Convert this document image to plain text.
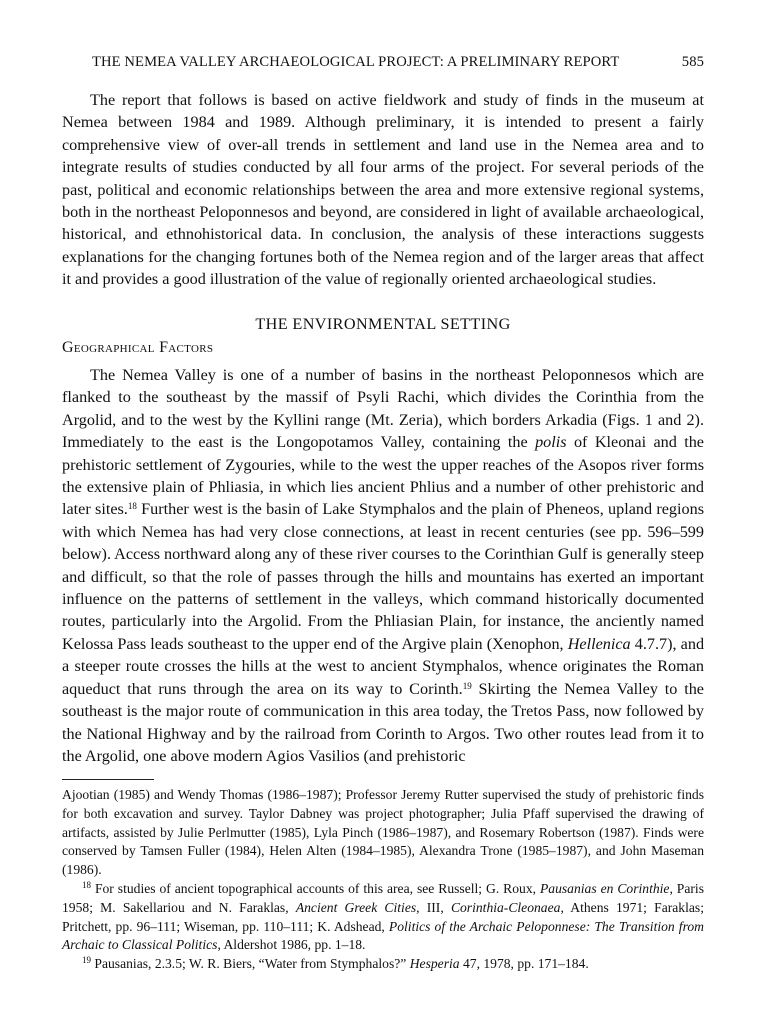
THE NEMEA VALLEY ARCHAEOLOGICAL PROJECT: A PRELIMINARY REPORT	585

The report that follows is based on active fieldwork and study of finds in the museum at Nemea between 1984 and 1989. Although preliminary, it is intended to present a fairly comprehensive view of over-all trends in settlement and land use in the Nemea area and to integrate results of studies conducted by all four arms of the project. For several periods of the past, political and economic relationships between the area and more extensive regional systems, both in the northeast Peloponnesos and beyond, are considered in light of available archaeological, historical, and ethnohistorical data. In conclusion, the analysis of these interactions suggests explanations for the changing fortunes both of the Nemea region and of the larger areas that affect it and provides a good illustration of the value of regionally oriented archaeological studies.

THE ENVIRONMENTAL SETTING
Geographical Factors

The Nemea Valley is one of a number of basins in the northeast Peloponnesos which are flanked to the southeast by the massif of Psyli Rachi, which divides the Corinthia from the Argolid, and to the west by the Kyllini range (Mt. Zeria), which borders Arkadia (Figs. 1 and 2). Immediately to the east is the Longopotamos Valley, containing the polis of Kleonai and the prehistoric settlement of Zygouries, while to the west the upper reaches of the Asopos river forms the extensive plain of Phliasia, in which lies ancient Phlius and a number of other prehistoric and later sites.$^{18}$ Further west is the basin of Lake Stymphalos and the plain of Pheneos, upland regions with which Nemea has had very close connections, at least in recent centuries (see pp. 596–599 below). Access northward along any of these river courses to the Corinthian Gulf is generally steep and difficult, so that the role of passes through the hills and mountains has exerted an important influence on the patterns of settlement in the valleys, which command historically documented routes, particularly into the Argolid. From the Phliasian Plain, for instance, the anciently named Kelossa Pass leads southeast to the upper end of the Argive plain (Xenophon, Hellenica 4.7.7), and a steeper route crosses the hills at the west to ancient Stymphalos, whence originates the Roman aqueduct that runs through the area on its way to Corinth.$^{19}$ Skirting the Nemea Valley to the southeast is the major route of communication in this area today, the Tretos Pass, now followed by the National Highway and by the railroad from Corinth to Argos. Two other routes lead from it to the Argolid, one above modern Agios Vasilios (and prehistoric

Ajootian (1985) and Wendy Thomas (1986–1987); Professor Jeremy Rutter supervised the study of prehistoric finds for both excavation and survey. Taylor Dabney was project photographer; Julia Pfaff supervised the drawing of artifacts, assisted by Julie Perlmutter (1985), Lyla Pinch (1986–1987), and Rosemary Robertson (1987). Finds were conserved by Tamsen Fuller (1984), Helen Alten (1984–1985), Alexandra Trone (1985–1987), and John Maseman (1986).

$^{18}$ For studies of ancient topographical accounts of this area, see Russell; G. Roux, Pausanias en Corinthie, Paris 1958; M. Sakellariou and N. Faraklas, Ancient Greek Cities, III, Corinthia-Cleonaea, Athens 1971; Faraklas; Pritchett, pp. 96–111; Wiseman, pp. 110–111; K. Adshead, Politics of the Archaic Peloponnese: The Transition from Archaic to Classical Politics, Aldershot 1986, pp. 1–18.

$^{19}$ Pausanias, 2.3.5; W. R. Biers, “Water from Stymphalos?” Hesperia 47, 1978, pp. 171–184.
